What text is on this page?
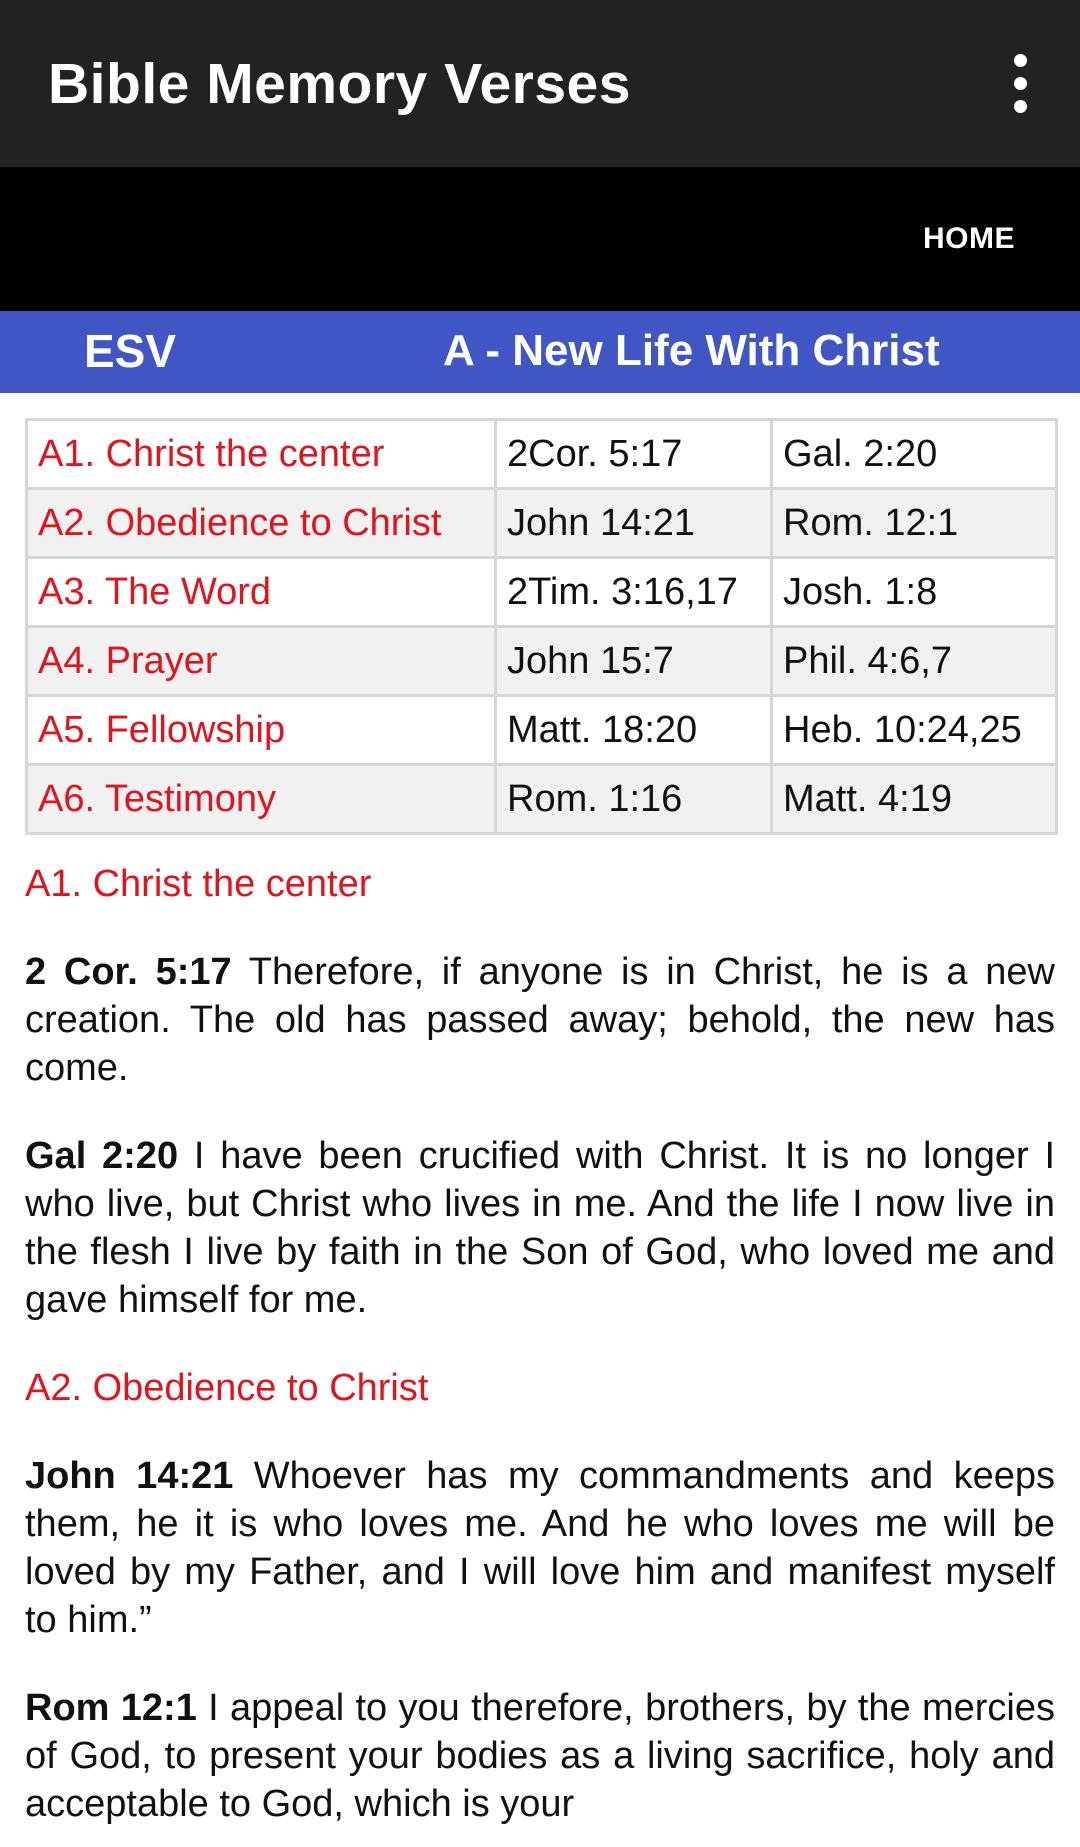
Bible Memory Verses
HOME
ESV	A - New Life With Christ
A1. Christ the center	2Cor. 5:17	Gal. 2:20
A2. Obedience to Christ	John 14:21	Rom. 12:1
A3. The Word	2Tim. 3:16,17	Josh. 1:8
A4. Prayer	John 15:7	Phil. 4:6,7
A5. Fellowship	Matt. 18:20	Heb. 10:24,25
A6. Testimony	Rom. 1:16	Matt. 4:19
A1. Christ the center

2 Cor. 5:17 Therefore, if anyone is in Christ, he is a new creation. The old has passed away; behold, the new has come.

Gal 2:20 I have been crucified with Christ. It is no longer I who live, but Christ who lives in me. And the life I now live in the flesh I live by faith in the Son of God, who loved me and gave himself for me.

A2. Obedience to Christ

John 14:21 Whoever has my commandments and keeps them, he it is who loves me. And he who loves me will be loved by my Father, and I will love him and manifest myself to him.”

Rom 12:1 I appeal to you therefore, brothers, by the mercies of God, to present your bodies as a living sacrifice, holy and acceptable to God, which is your
